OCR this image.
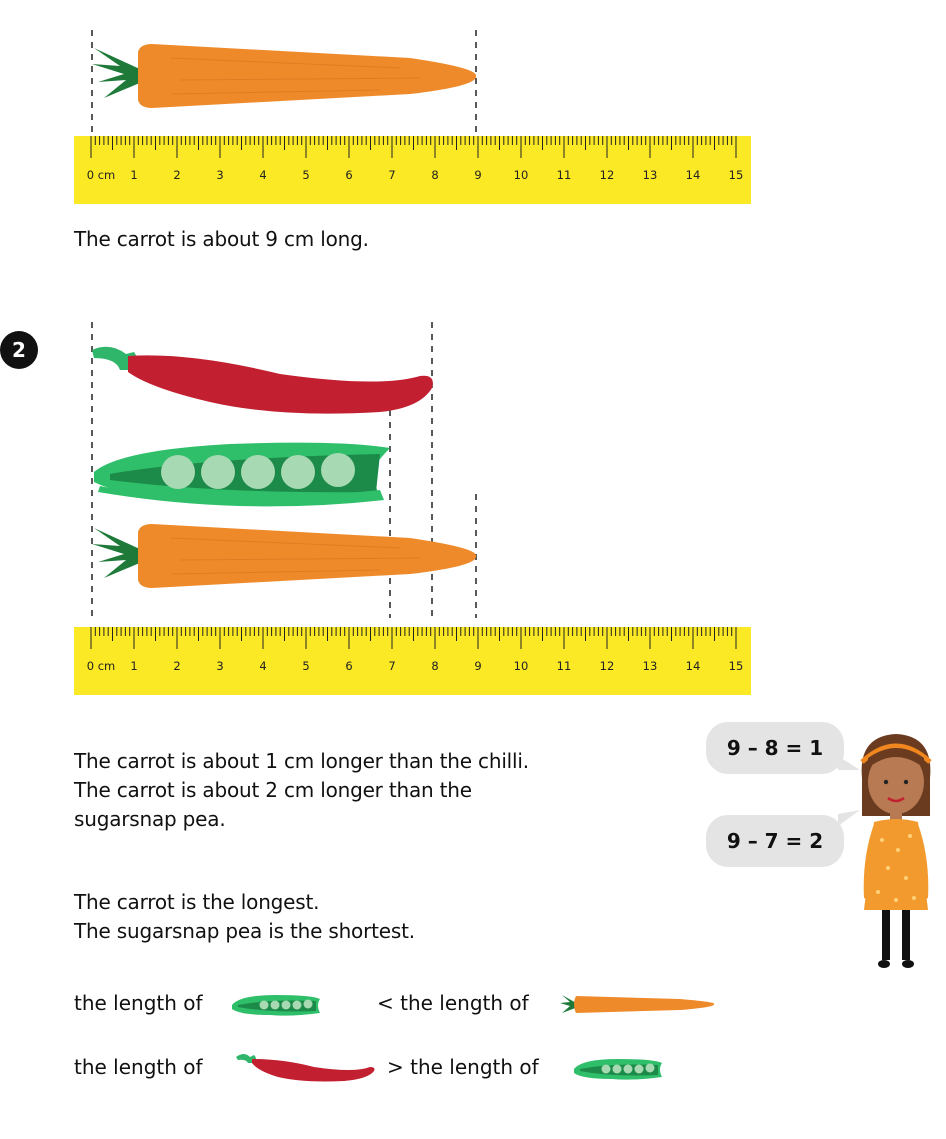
0 cm 1	2	3	4	5	6	7	8	9	10 11 12 13 14 15
The carrot is about 9 cm long.
2
0 cm 1	2	3	4	5	6	7	8	9	10 11 12 13 14 15
The carrot is about 1 cm longer than the chilli.
The carrot is about 2 cm longer than the
sugarsnap pea.
The carrot is the longest.
The sugarsnap pea is the shortest.
9 – 8 = 1
9 – 7 = 2
the length of	< the length of
the length of	> the length of
